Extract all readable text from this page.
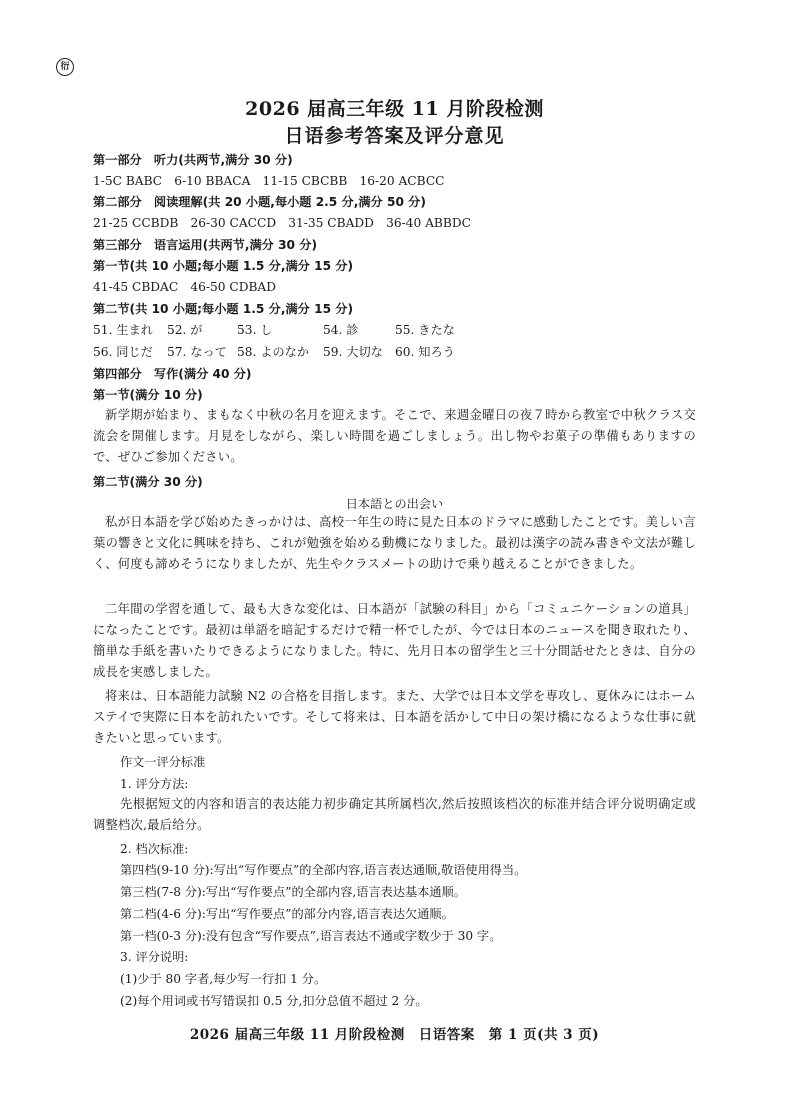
衍
2026 届高三年级 11 月阶段检测
日语参考答案及评分意见
第一部分　听力(共两节,满分 30 分)
1-5C BABC　6-10 BBACA　11-15 CBCBB　16-20 ACBCC
第二部分　阅读理解(共 20 小题,每小题 2.5 分,满分 50 分)
21-25 CCBDB　26-30 CACCD　31-35 CBADD　36-40 ABBDC
第三部分　语言运用(共两节,满分 30 分)
第一节(共 10 小题;每小题 1.5 分,满分 15 分)
41-45 CBDAC　46-50 CDBAD
第二节(共 10 小题;每小题 1.5 分,满分 15 分)
51. 生まれ 52. が	53. し	54. 診	55. きたな
56. 同じだ 57. なって 58. よのなか 59. 大切な 60. 知ろう
第四部分　写作(满分 40 分)
第一节(满分 10 分)
新学期が始まり、まもなく中秋の名月を迎えます。そこで、来週金曜日の夜７時から教室で中秋クラス交流会を開催します。月見をしながら、楽しい時間を過ごしましょう。出し物やお菓子の準備もありますので、ぜひご参加ください。
第二节(满分 30 分)
日本語との出会い
私が日本語を学び始めたきっかけは、高校一年生の時に見た日本のドラマに感動したことです。美しい言葉の響きと文化に興味を持ち、これが勉強を始める動機になりました。最初は漢字の読み書きや文法が難しく、何度も諦めそうになりましたが、先生やクラスメートの助けで乗り越えることができました。
二年間の学習を通して、最も大きな変化は、日本語が「試験の科目」から「コミュニケーションの道具」になったことです。最初は単語を暗記するだけで精一杯でしたが、今では日本のニュースを聞き取れたり、簡単な手紙を書いたりできるようになりました。特に、先月日本の留学生と三十分間話せたときは、自分の成長を実感しました。
将来は、日本語能力試験 N2 の合格を目指します。また、大学では日本文学を専攻し、夏休みにはホームステイで実際に日本を訪れたいです。そして将来は、日本語を活かして中日の架け橋になるような仕事に就きたいと思っています。
作文一评分标准
1. 评分方法:
先根据短文的内容和语言的表达能力初步确定其所属档次,然后按照该档次的标准并结合评分说明确定或调整档次,最后给分。
2. 档次标准:
第四档(9-10 分):写出“写作要点”的全部内容,语言表达通顺,敬语使用得当。
第三档(7-8 分):写出“写作要点”的全部内容,语言表达基本通顺。
第二档(4-6 分):写出“写作要点”的部分内容,语言表达欠通顺。
第一档(0-3 分):没有包含“写作要点”,语言表达不通或字数少于 30 字。
3. 评分说明:
(1)少于 80 字者,每少写一行扣 1 分。
(2)每个用词或书写错误扣 0.5 分,扣分总值不超过 2 分。
2026 届高三年级 11 月阶段检测　日语答案　第 1 页(共 3 页)
